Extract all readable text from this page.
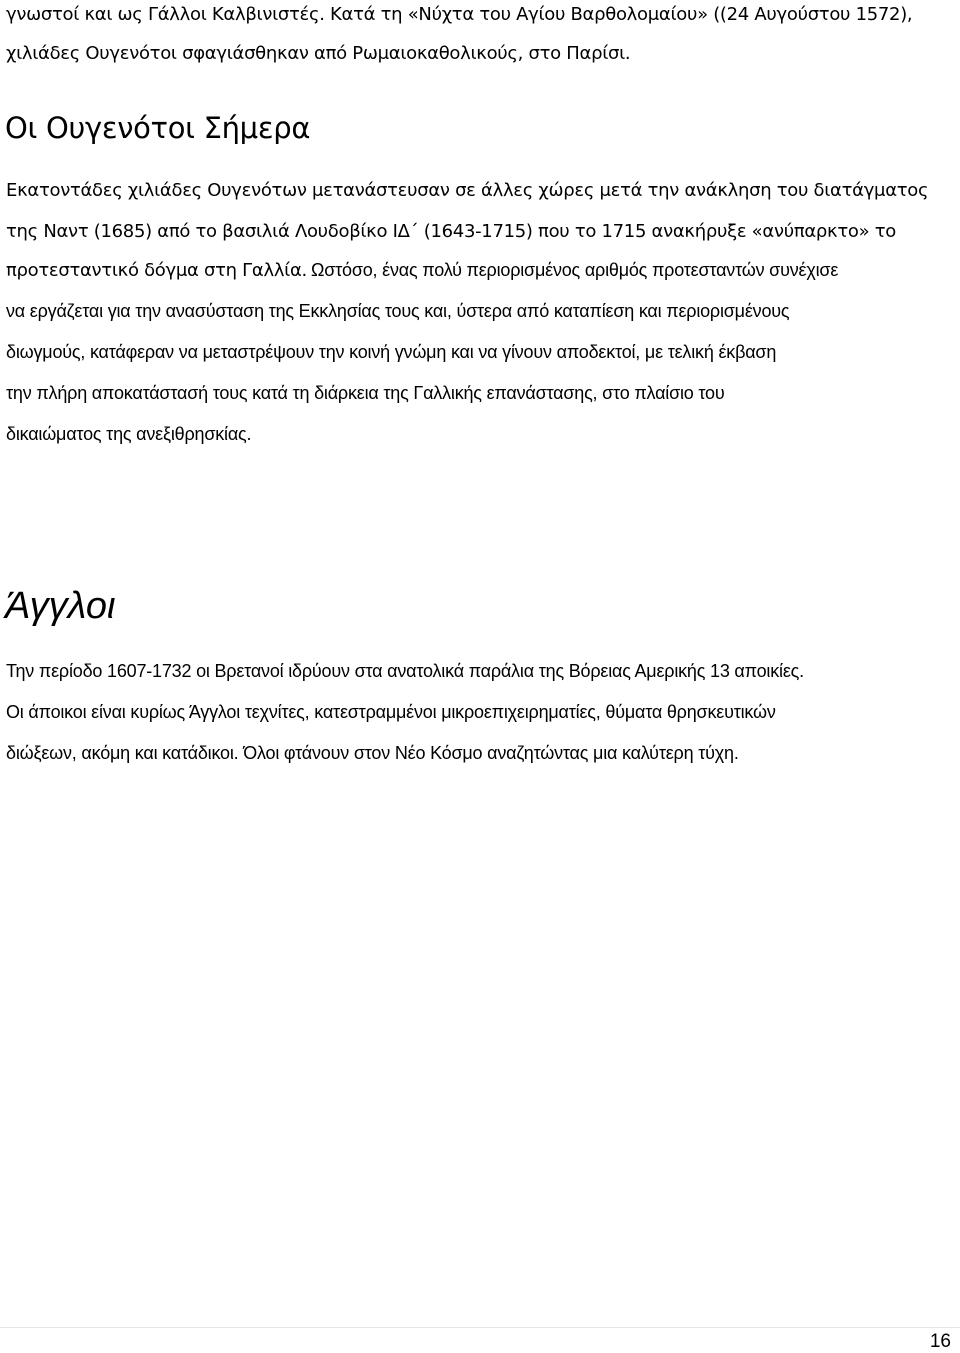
γνωστοί και ως Γάλλοι Καλβινιστές. Κατά τη «Νύχτα του Αγίου Βαρθολομαίου» ((24 Αυγούστου 1572),

χιλιάδες Ουγενότοι σφαγιάσθηκαν από Ρωμαιοκαθολικούς, στο Παρίσι.

Οι Ουγενότοι Σήμερα

Εκατοντάδες χιλιάδες Ουγενότων μετανάστευσαν σε άλλες χώρες μετά την ανάκληση του διατάγματος

της Ναντ (1685) από το βασιλιά Λουδοβίκο ΙΔ΄ (1643-1715) που το 1715 ανακήρυξε «ανύπαρκτο» το

προτεσταντικό δόγμα στη Γαλλία. Ωστόσο, ένας πολύ περιορισμένος αριθμός προτεσταντών συνέχισε

να εργάζεται για την ανασύσταση της Εκκλησίας τους και, ύστερα από καταπίεση και περιορισμένους

διωγμούς, κατάφεραν να μεταστρέψουν την κοινή γνώμη και να γίνουν αποδεκτοί, με τελική έκβαση

την πλήρη αποκατάστασή τους κατά τη διάρκεια της Γαλλικής επανάστασης, στο πλαίσιο του

δικαιώματος της ανεξιθρησκίας.

Άγγλοι

Την περίοδο 1607-1732 οι Βρετανοί ιδρύουν στα ανατολικά παράλια της Βόρειας Αμερικής 13 αποικίες.

Οι άποικοι είναι κυρίως Άγγλοι τεχνίτες, κατεστραμμένοι μικροεπιχειρηματίες, θύματα θρησκευτικών

διώξεων, ακόμη και κατάδικοι. Όλοι φτάνουν στον Νέο Κόσμο αναζητώντας μια καλύτερη τύχη.

16
